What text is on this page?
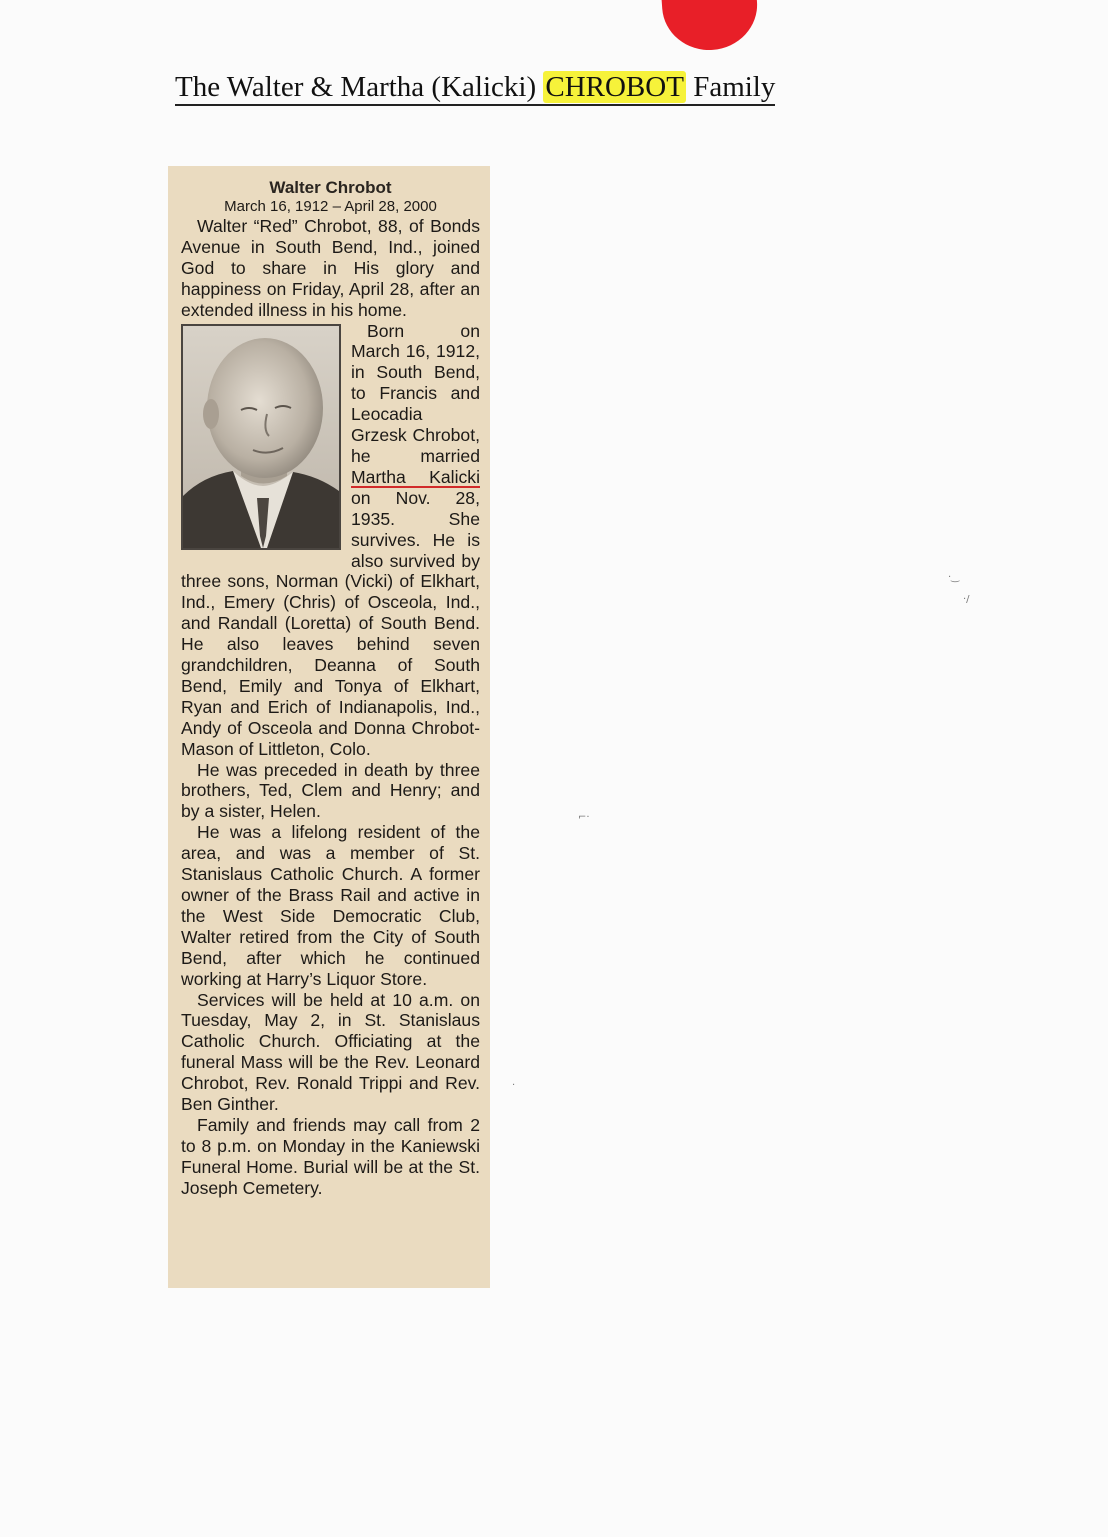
The Walter & Martha (Kalicki) CHROBOT Family
Walter Chrobot
March 16, 1912 – April 28, 2000

Walter “Red” Chrobot, 88, of Bonds Avenue in South Bend, Ind., joined God to share in His glory and happiness on Friday, April 28, after an extended illness in his home.

Born on March 16, 1912, in South Bend, to Francis and Leocadia Grzesk Chrobot, he married Martha Kalicki on Nov. 28, 1935. She survives. He is also survived by three sons, Norman (Vicki) of Elkhart, Ind., Emery (Chris) of Osceola, Ind., and Randall (Loretta) of South Bend. He also leaves behind seven grandchildren, Deanna of South Bend, Emily and Tonya of Elkhart, Ryan and Erich of Indianapolis, Ind., Andy of Osceola and Donna Chrobot-Mason of Littleton, Colo.

He was preceded in death by three brothers, Ted, Clem and Henry; and by a sister, Helen.

He was a lifelong resident of the area, and was a member of St. Stanislaus Catholic Church. A former owner of the Brass Rail and active in the West Side Democratic Club, Walter retired from the City of South Bend, after which he continued working at Harry’s Liquor Store.

Services will be held at 10 a.m. on Tuesday, May 2, in St. Stanislaus Catholic Church. Officiating at the funeral Mass will be the Rev. Leonard Chrobot, Rev. Ronald Trippi and Rev. Ben Ginther.

Family and friends may call from 2 to 8 p.m. on Monday in the Kaniewski Funeral Home. Burial will be at the St. Joseph Cemetery.

·‿
·/
⌐·
·
